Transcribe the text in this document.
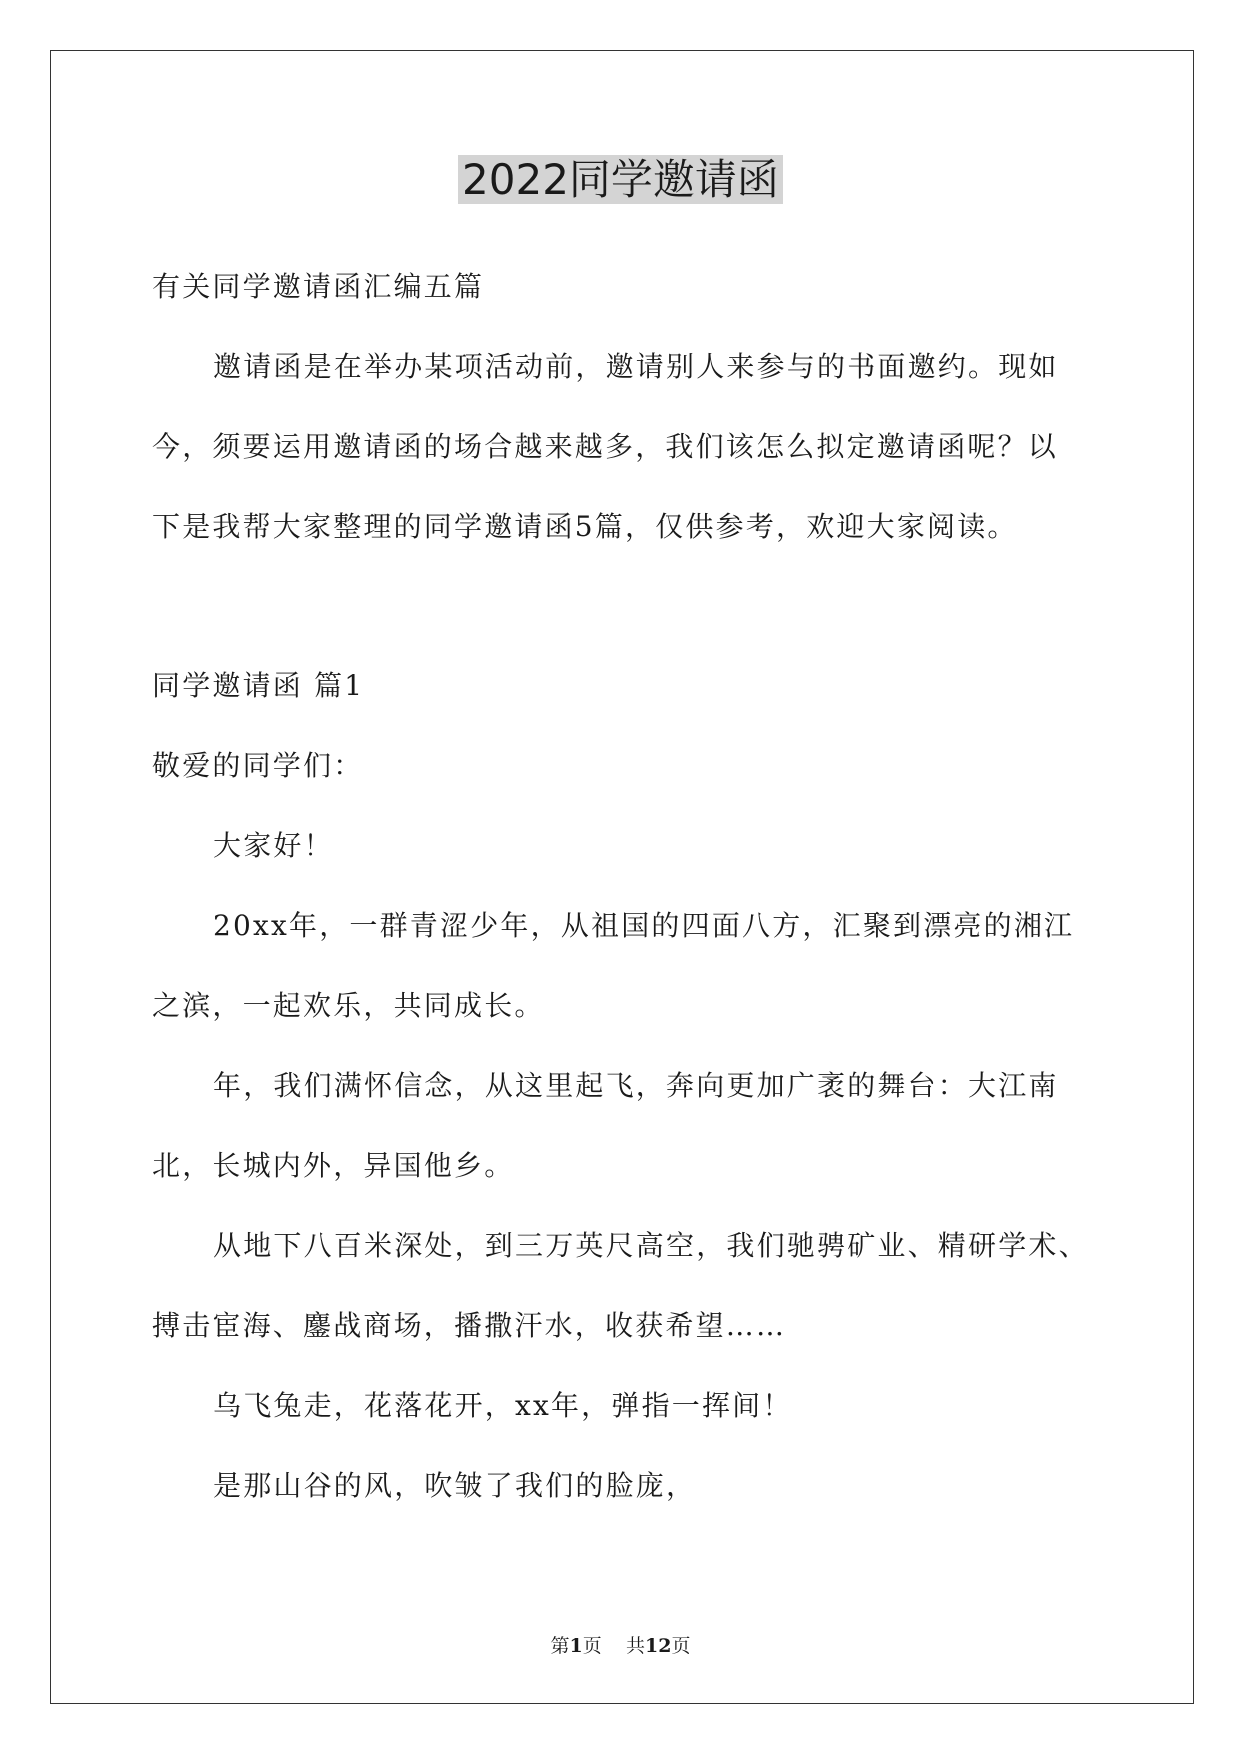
2022同学邀请函
有关同学邀请函汇编五篇
邀请函是在举办某项活动前，邀请别人来参与的书面邀约。现如
今，须要运用邀请函的场合越来越多，我们该怎么拟定邀请函呢？以
下是我帮大家整理的同学邀请函5篇，仅供参考，欢迎大家阅读。
同学邀请函 篇1
敬爱的同学们：
大家好！
20xx年，一群青涩少年，从祖国的四面八方，汇聚到漂亮的湘江
之滨，一起欢乐，共同成长。
年，我们满怀信念，从这里起飞，奔向更加广袤的舞台：大江南
北，长城内外，异国他乡。
从地下八百米深处，到三万英尺高空，我们驰骋矿业、精研学术、
搏击宦海、鏖战商场，播撒汗水，收获希望……
乌飞兔走，花落花开，xx年，弹指一挥间！
是那山谷的风，吹皱了我们的脸庞，
第1页 共12页
